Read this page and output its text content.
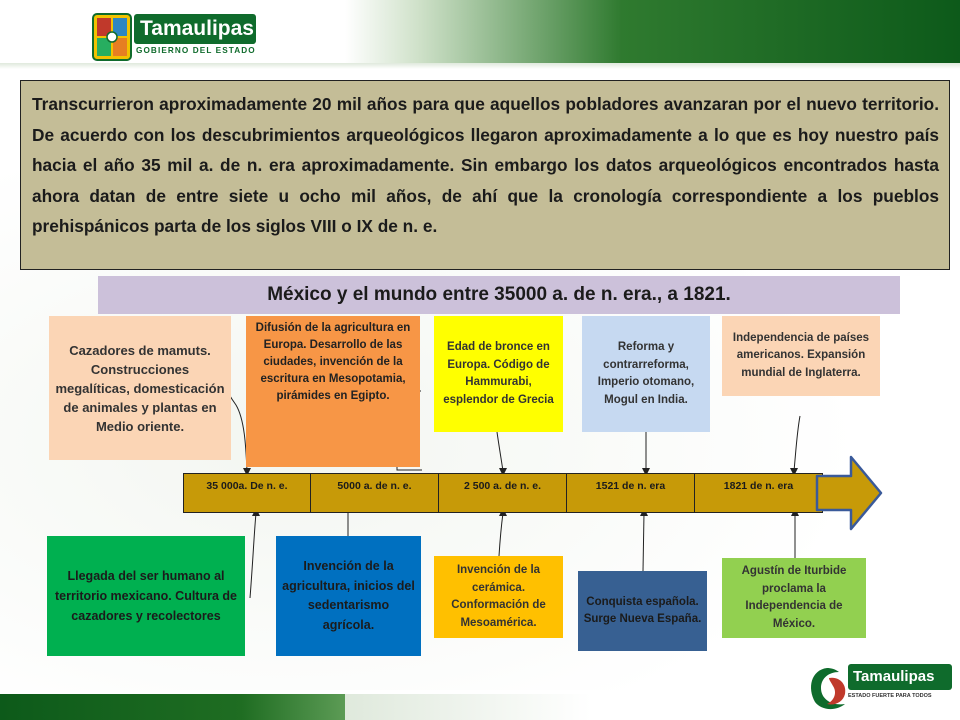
Tamaulipas
GOBIERNO DEL ESTADO

Transcurrieron aproximadamente 20 mil años para que aquellos pobladores avanzaran por el nuevo territorio. De acuerdo con los descubrimientos arqueológicos llegaron aproximadamente a lo que es hoy nuestro país hacia el año 35 mil a. de n. era aproximadamente. Sin embargo los datos arqueológicos encontrados hasta ahora datan de entre siete u ocho mil años, de ahí que la cronología correspondiente a los pueblos prehispánicos parta de los siglos VIII o IX de n. e.

México y el mundo entre 35000 a. de n. era., a 1821.
Cazadores de mamuts. Construcciones megalíticas, domesticación de animales y plantas en Medio oriente.
Difusión de la agricultura en Europa. Desarrollo de las ciudades, invención de la escritura en Mesopotamia, pirámides en Egipto.
Edad de bronce en Europa. Código de Hammurabi, esplendor de Grecia
Reforma y contrarreforma, Imperio otomano, Mogul en India.
Independencia de países americanos. Expansión mundial de Inglaterra.
35 000a. De n. e.	5000 a. de n. e.	2 500 a. de n. e.	1521 de n. era	1821 de n. era
Llegada del ser humano al territorio mexicano. Cultura de cazadores y recolectores
Invención de la agricultura, inicios del sedentarismo agrícola.
Invención de la cerámica. Conformación de Mesoamérica.
Conquista española. Surge Nueva España.
Agustín de Iturbide proclama la Independencia de México.
Tamaulipas
ESTADO FUERTE PARA TODOS
